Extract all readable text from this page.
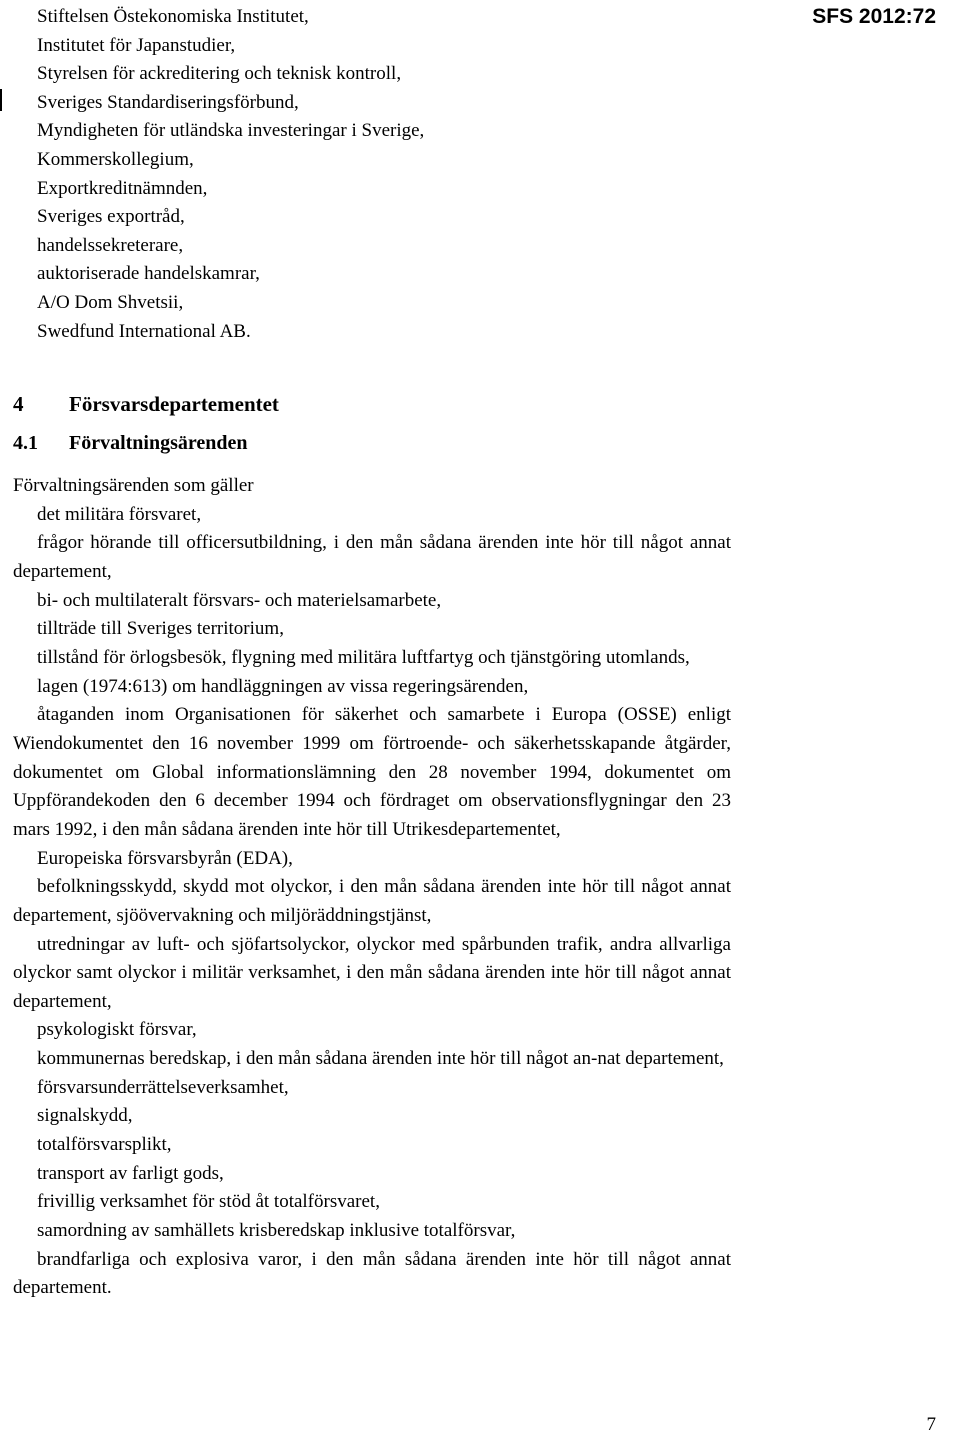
SFS 2012:72
Stiftelsen Östekonomiska Institutet,
Institutet för Japanstudier,
Styrelsen för ackreditering och teknisk kontroll,
Sveriges Standardiseringsförbund,
Myndigheten för utländska investeringar i Sverige,
Kommerskollegium,
Exportkreditnämnden,
Sveriges exportråd,
handelssekreterare,
auktoriserade handelskamrar,
A/O Dom Shvetsii,
Swedfund International AB.
4 Försvarsdepartementet
4.1 Förvaltningsärenden

Förvaltningsärenden som gäller

det militära försvaret,

frågor hörande till officersutbildning, i den mån sådana ärenden inte hör till något annat departement,

bi- och multilateralt försvars- och materielsamarbete,

tillträde till Sveriges territorium,

tillstånd för örlogsbesök, flygning med militära luftfartyg och tjänstgöring utomlands,

lagen (1974:613) om handläggningen av vissa regeringsärenden,

åtaganden inom Organisationen för säkerhet och samarbete i Europa (OSSE) enligt Wiendokumentet den 16 november 1999 om förtroende- och säkerhetsskapande åtgärder, dokumentet om Global informationslämning den 28 november 1994, dokumentet om Uppförandekoden den 6 december 1994 och fördraget om observationsflygningar den 23 mars 1992, i den mån sådana ärenden inte hör till Utrikesdepartementet,

Europeiska försvarsbyrån (EDA),

befolkningsskydd, skydd mot olyckor, i den mån sådana ärenden inte hör till något annat departement, sjöövervakning och miljöräddningstjänst,

utredningar av luft- och sjöfartsolyckor, olyckor med spårbunden trafik, andra allvarliga olyckor samt olyckor i militär verksamhet, i den mån sådana ärenden inte hör till något annat departement,

psykologiskt försvar,

kommunernas beredskap, i den mån sådana ärenden inte hör till något an-nat departement,

försvarsunderrättelseverksamhet,

signalskydd,

totalförsvarsplikt,

transport av farligt gods,

frivillig verksamhet för stöd åt totalförsvaret,

samordning av samhällets krisberedskap inklusive totalförsvar,

brandfarliga och explosiva varor, i den mån sådana ärenden inte hör till något annat departement.

7
